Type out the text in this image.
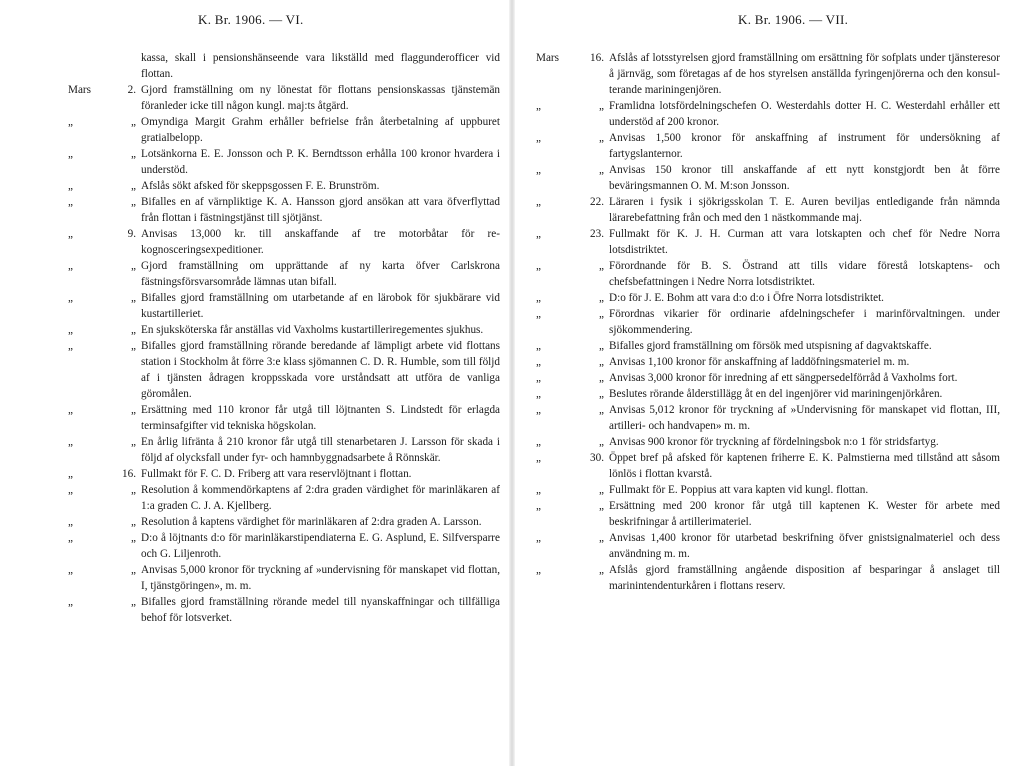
K. Br. 1906. — VI.
kassa, skall i pensionshänseende vara likställd med flaggunderofficer vid flottan.
Mars	2. Gjord framställning om ny lönestat för flottans pensionskassas tjänstemän föranleder icke till någon kungl. maj:ts åtgärd.
„	„ Omyndiga Margit Grahm erhåller befrielse från återbetalning af uppburet gratialbelopp.
„	„ Lotsänkorna E. E. Jonsson och P. K. Berndtsson erhålla 100 kronor hvardera i understöd.
„	„ Afslås sökt afsked för skeppsgossen F. E. Brunström.
„	„ Bifalles en af värnpliktige K. A. Hansson gjord ansökan att vara öfverflyttad från flottan i fästningstjänst till sjötjänst.
„	9. Anvisas 13,000 kr. till anskaffande af tre motorbåtar för rekognosceringsexpeditioner.
„	„ Gjord framställning om upprättande af ny karta öfver Carlskrona fästningsförsvarsområde lämnas utan bifall.
„	„ Bifalles gjord framställning om utarbetande af en lärobok för sjukbärare vid kustartilleriet.
„	„ En sjuksköterska får anställas vid Vaxholms kustartilleriregementes sjukhus.
„	„ Bifalles gjord framställning rörande beredande af lämpligt arbete vid flottans station i Stockholm åt förre 3:e klass sjömannen C. D. R. Humble, som till följd af i tjänsten ådragen kroppsskada vore urståndsatt att utföra de vanliga göromålen.
„	„ Ersättning med 110 kronor får utgå till löjtnanten S. Lindstedt för erlagda terminsafgifter vid tekniska högskolan.
„	„ En årlig lifränta å 210 kronor får utgå till stenarbetaren J. Larsson för skada i följd af olycksfall under fyr- och hamnbyggnadsarbete å Rönnskär.
„	16. Fullmakt för F. C. D. Friberg att vara reservlöjtnant i flottan.
„	„ Resolution å kommendörkaptens af 2:dra graden värdighet för marinläkaren af 1:a graden C. J. A. Kjellberg.
„	„ Resolution å kaptens värdighet för marinläkaren af 2:dra graden A. Larsson.
„	„ D:o å löjtnants d:o för marinläkarstipendiaterna E. G. Asplund, E. Silfversparre och G. Liljenroth.
„	„ Anvisas 5,000 kronor för tryckning af »undervisning för manskapet vid flottan, I, tjänstgöringen», m. m.
„	„ Bifalles gjord framställning rörande medel till nyanskaffningar och tillfälliga behof för lotsverket.
K. Br. 1906. — VII.
Mars	16. Afslås af lotsstyrelsen gjord framställning om ersättning för sofplats under tjänsteresor å järnväg, som företagas af de hos styrelsen anställda fyringenjörerna och den konsulterande mariningenjören.
„	„ Framlidna lotsfördelningschefen O. Westerdahls dotter H. C. Westerdahl erhåller ett understöd af 200 kronor.
„	„ Anvisas 1,500 kronor för anskaffning af instrument för undersökning af fartygslanternor.
„	„ Anvisas 150 kronor till anskaffande af ett nytt konstgjordt ben åt förre beväringsmannen O. M. M:son Jonsson.
„	22. Läraren i fysik i sjökrigsskolan T. E. Auren beviljas entledigande från nämnda lärarebefattning från och med den 1 nästkommande maj.
„	23. Fullmakt för K. J. H. Curman att vara lotskapten och chef för Nedre Norra lotsdistriktet.
„	„ Förordnande för B. S. Östrand att tills vidare förestå lotskaptens- och chefsbefattningen i Nedre Norra lotsdistriktet.
„	„ D:o för J. E. Bohm att vara d:o d:o i Öfre Norra lotsdistriktet.
„	„ Förordnas vikarier för ordinarie afdelningschefer i marinförvaltningen. under sjökommendering.
„	„ Bifalles gjord framställning om försök med utspisning af dagvaktskaffe.
„	„ Anvisas 1,100 kronor för anskaffning af laddöfningsmateriel m. m.
„	„ Anvisas 3,000 kronor för inredning af ett sängpersedelförråd å Vaxholms fort.
„	„ Beslutes rörande ålderstillägg åt en del ingenjörer vid mariningenjörkåren.
„	„ Anvisas 5,012 kronor för tryckning af »Undervisning för manskapet vid flottan, III, artilleri- och handvapen» m. m.
„	„ Anvisas 900 kronor för tryckning af fördelningsbok n:o 1 för stridsfartyg.
„	30. Öppet bref på afsked för kaptenen friherre E. K. Palmstierna med tillstånd att såsom lönlös i flottan kvarstå.
„	„ Fullmakt för E. Poppius att vara kapten vid kungl. flottan.
„	„ Ersättning med 200 kronor får utgå till kaptenen K. Wester för arbete med beskrifningar å artillerimateriel.
„	„ Anvisas 1,400 kronor för utarbetad beskrifning öfver gnistsignalmateriel och dess användning m. m.
„	„ Afslås gjord framställning angående disposition af besparingar å anslaget till marinintendenturkåren i flottans reserv.
